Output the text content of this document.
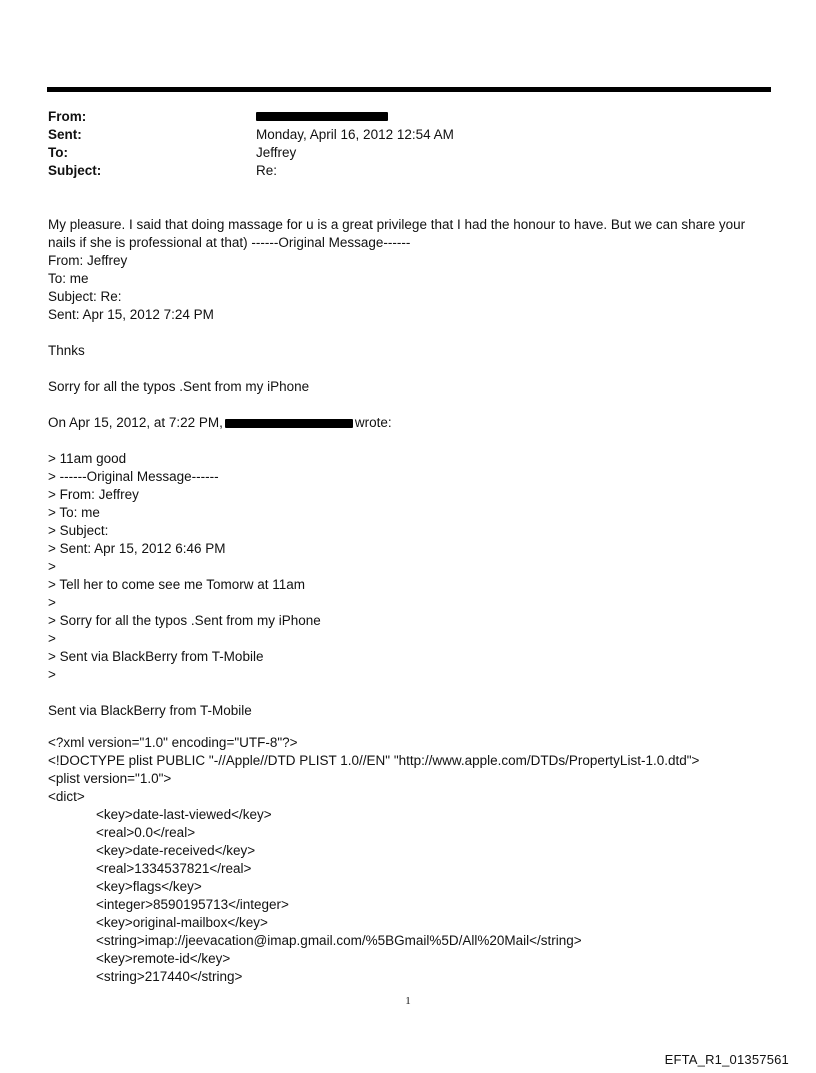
From:
Sent:	Monday, April 16, 2012 12:54 AM
To:	Jeffrey
Subject:	Re:
My pleasure. I said that doing massage for u is a great privilege that I had the honour to have. But we can share your
nails if she is professional at that) ------Original Message------
From: Jeffrey
To: me
Subject: Re:
Sent: Apr 15, 2012 7:24 PM
Thnks
Sorry for all the typos .Sent from my iPhone
On Apr 15, 2012, at 7:22 PM,	wrote:
> 11am good
> ------Original Message------
> From: Jeffrey
> To: me
> Subject:
> Sent: Apr 15, 2012 6:46 PM
>
> Tell her to come see me Tomorw at 11am
>
> Sorry for all the typos .Sent from my iPhone
>
> Sent via BlackBerry from T-Mobile
>
Sent via BlackBerry from T-Mobile
<?xml version="1.0" encoding="UTF-8"?>
<!DOCTYPE plist PUBLIC "-//Apple//DTD PLIST 1.0//EN" "http://www.apple.com/DTDs/PropertyList-1.0.dtd">
<plist version="1.0">
<dict>
<key>date-last-viewed</key>
<real>0.0</real>
<key>date-received</key>
<real>1334537821</real>
<key>flags</key>
<integer>8590195713</integer>
<key>original-mailbox</key>
<string>imap://jeevacation@imap.gmail.com/%5BGmail%5D/All%20Mail</string>
<key>remote-id</key>
<string>217440</string>
1
EFTA_R1_01357561
